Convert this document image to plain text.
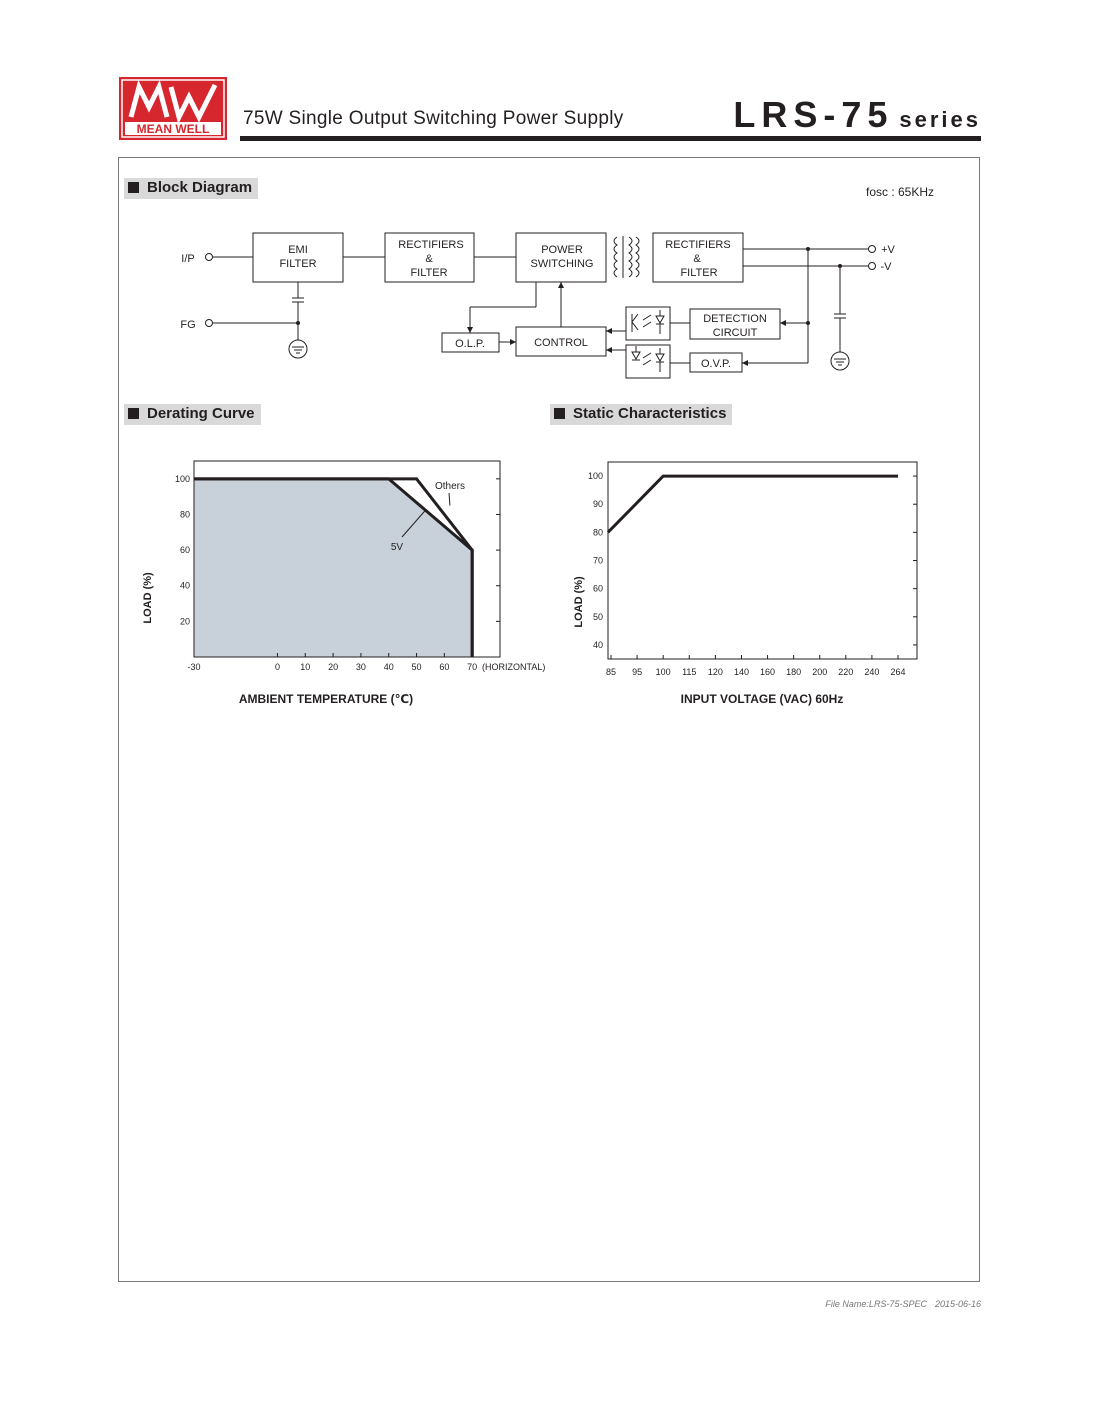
MEAN WELL 75W Single Output Switching Power Supply	LRS-75 series
Block Diagram	fosc : 65KHz
I/P
FG
+V
-V
EMI
FILTER
RECTIFIERS
&
FILTER
POWER
SWITCHING
RECTIFIERS
&
FILTER
O.L.P.	CONTROL
DETECTION
CIRCUIT
O.V.P.
Derating Curve
-30	0 10 20 30 40 50 60 70
20
40
60
80
100
Others
5V
AMBIENT TEMPERATURE (℃)
LOAD (%)
(HORIZONTAL)
Static Characteristics
85 95 100 115 120 140 160 180 200 220 240 264
40
50
60
70
80
90
100
INPUT VOLTAGE (VAC) 60Hz
LOAD (%)
File Name:LRS-75-SPEC 2015-06-16
